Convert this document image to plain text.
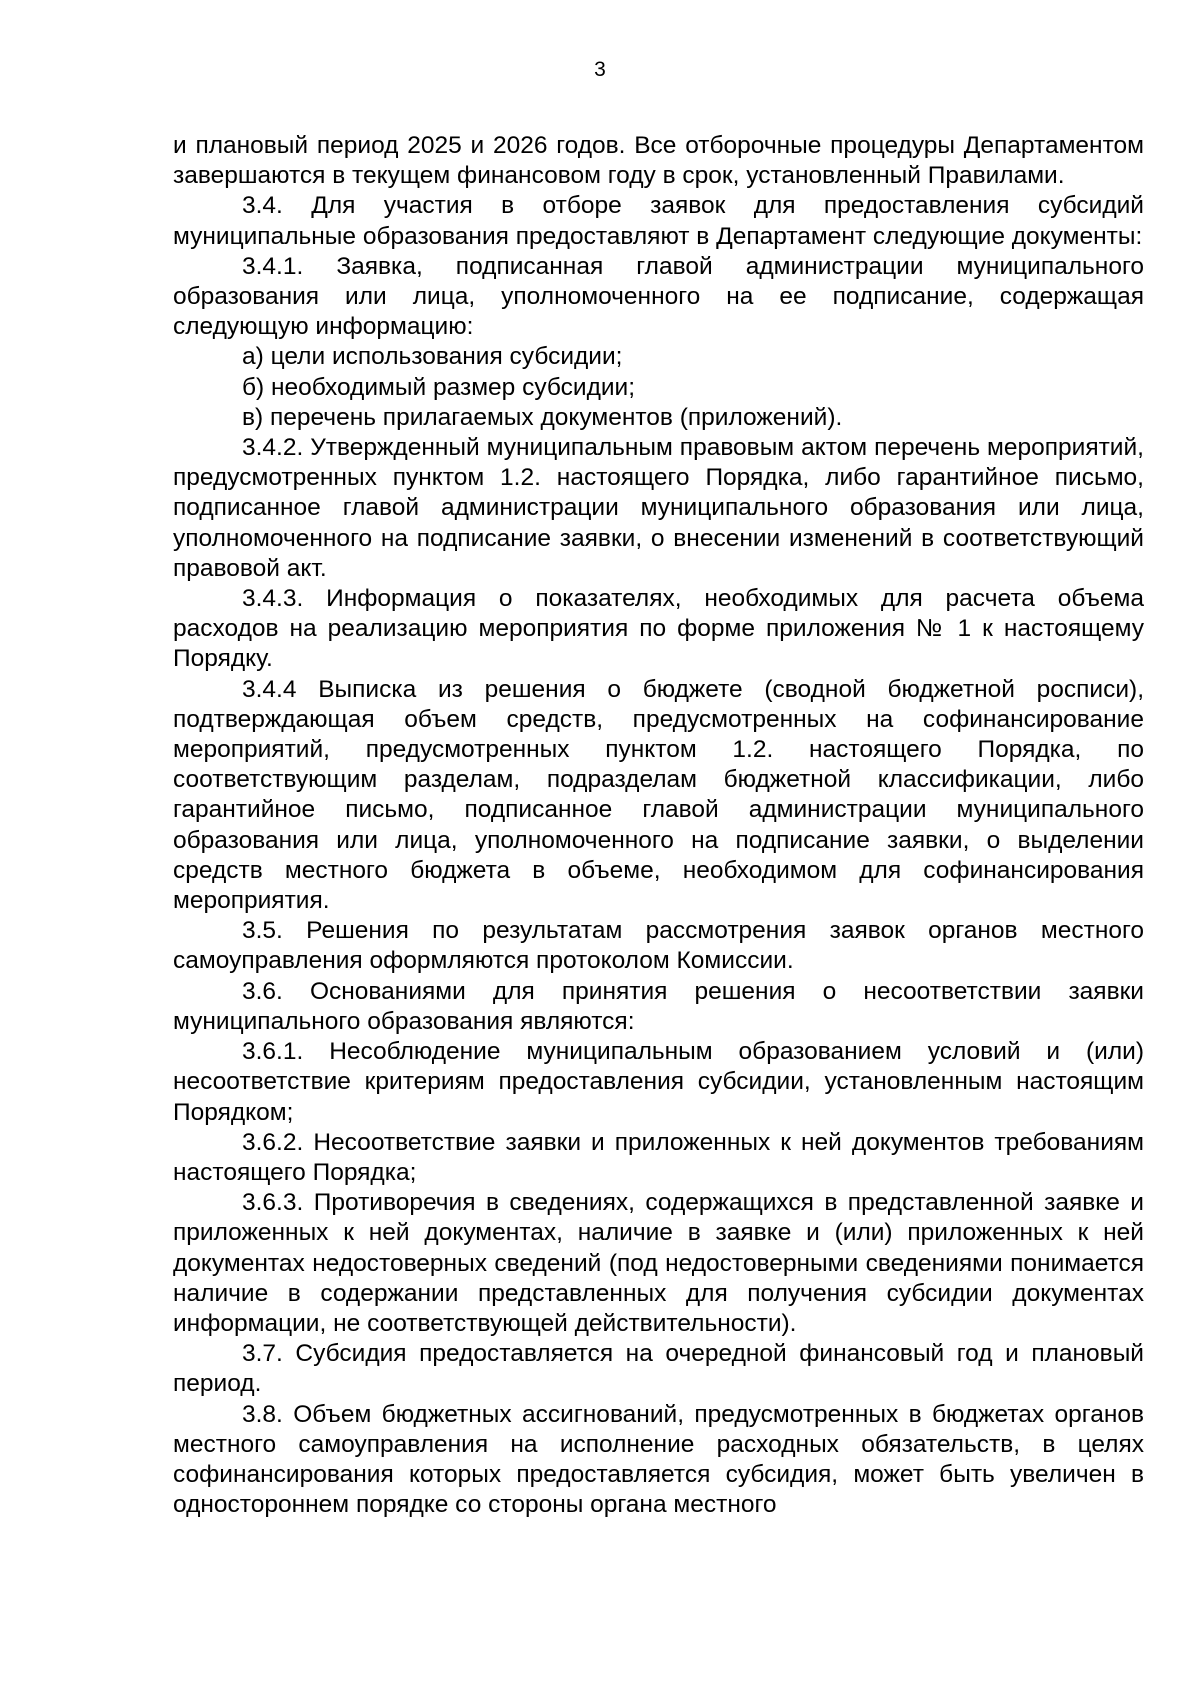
3

и плановый период 2025 и 2026 годов. Все отборочные процедуры Департаментом завершаются в текущем финансовом году в срок, установленный Правилами.

3.4. Для участия в отборе заявок для предоставления субсидий муниципальные образования предоставляют в Департамент следующие документы:

3.4.1. Заявка, подписанная главой администрации муниципального образования или лица, уполномоченного на ее подписание, содержащая следующую информацию:

а) цели использования субсидии;

б) необходимый размер субсидии;

в) перечень прилагаемых документов (приложений).

3.4.2. Утвержденный муниципальным правовым актом перечень мероприятий, предусмотренных пунктом 1.2. настоящего Порядка, либо гарантийное письмо, подписанное главой администрации муниципального образования или лица, уполномоченного на подписание заявки, о внесении изменений в соответствующий правовой акт.

3.4.3. Информация о показателях, необходимых для расчета объема расходов на реализацию мероприятия по форме приложения № 1 к настоящему Порядку.

3.4.4 Выписка из решения о бюджете (сводной бюджетной росписи), подтверждающая объем средств, предусмотренных на софинансирование мероприятий, предусмотренных пунктом 1.2. настоящего Порядка, по соответствующим разделам, подразделам бюджетной классификации, либо гарантийное письмо, подписанное главой администрации муниципального образования или лица, уполномоченного на подписание заявки, о выделении средств местного бюджета в объеме, необходимом для софинансирования мероприятия.

3.5. Решения по результатам рассмотрения заявок органов местного самоуправления оформляются протоколом Комиссии.

3.6. Основаниями для принятия решения о несоответствии заявки муниципального образования являются:

3.6.1. Несоблюдение муниципальным образованием условий и (или) несоответствие критериям предоставления субсидии, установленным настоящим Порядком;

3.6.2. Несоответствие заявки и приложенных к ней документов требованиям настоящего Порядка;

3.6.3. Противоречия в сведениях, содержащихся в представленной заявке и приложенных к ней документах, наличие в заявке и (или) приложенных к ней документах недостоверных сведений (под недостоверными сведениями понимается наличие в содержании представленных для получения субсидии документах информации, не соответствующей действительности).

3.7. Субсидия предоставляется на очередной финансовый год и плановый период.

3.8. Объем бюджетных ассигнований, предусмотренных в бюджетах органов местного самоуправления на исполнение расходных обязательств, в целях софинансирования которых предоставляется субсидия, может быть увеличен в одностороннем порядке со стороны органа местного
